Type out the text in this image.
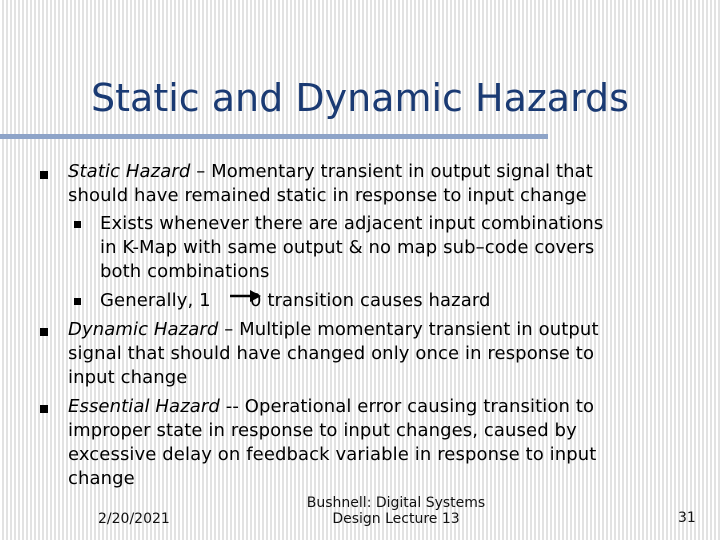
Static and Dynamic Hazards
Static Hazard – Momentary transient in output signal that
should have remained static in response to input change
Exists whenever there are adjacent input combinations
in K-Map with same output & no map sub–code covers
both combinations
Generally, 1 0 transition causes hazard
Dynamic Hazard – Multiple momentary transient in output
signal that should have changed only once in response to
input change
Essential Hazard -- Operational error causing transition to
improper state in response to input changes, caused by
excessive delay on feedback variable in response to input
change
2/20/2021
Bushnell: Digital Systems
Design Lecture 13	31
